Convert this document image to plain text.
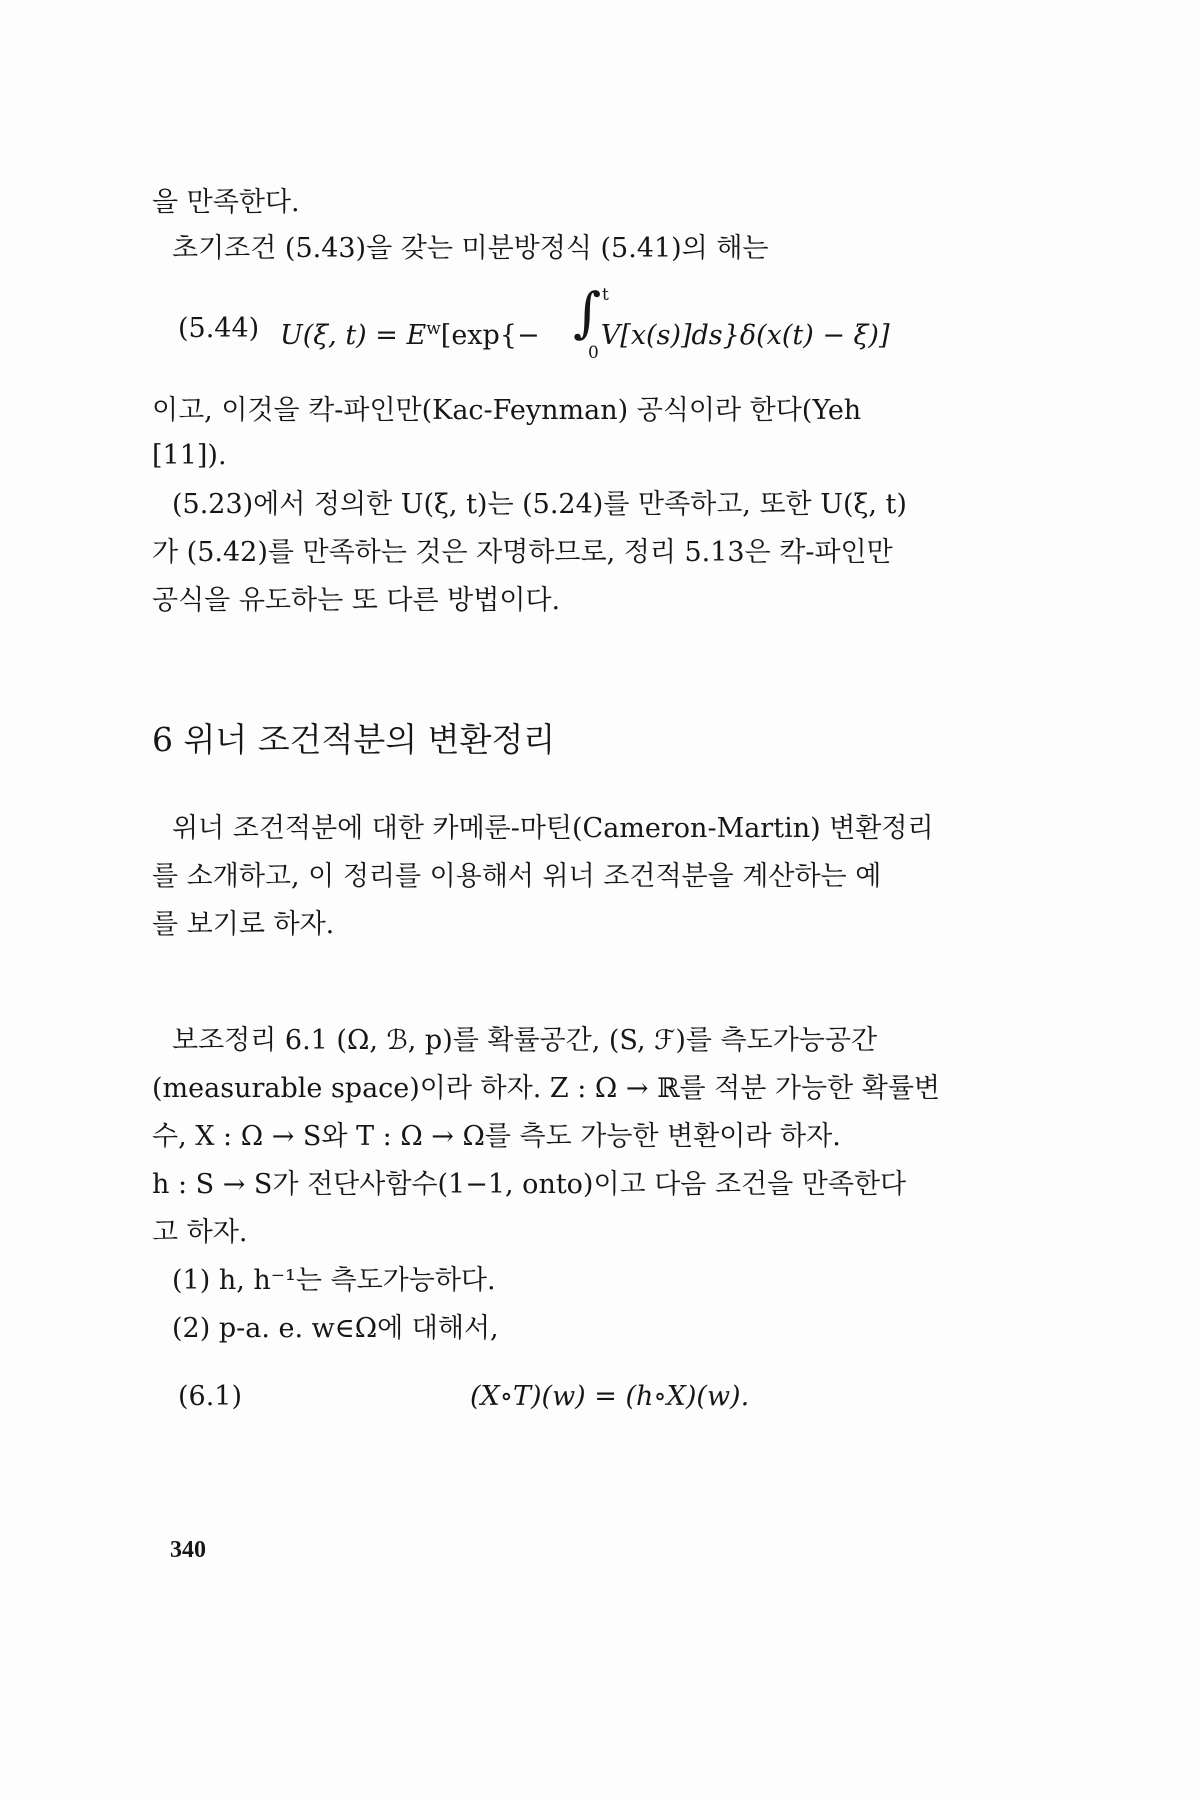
을 만족한다.
초기조건 (5.43)을 갖는 미분방정식 (5.41)의 해는
(5.44) U(ξ, $t) = E^w[\exp\{- V[x(s)]ds\}\delta(x(t) - \xi)]$
∫ t
0
이고, 이것을 칵-파인만(Kac-Feynman) 공식이라 한다(Yeh
[11]).
(5.23)에서 정의한 U(ξ, t)는 (5.24)를 만족하고, 또한 U(ξ, t)
가 (5.42)를 만족하는 것은 자명하므로, 정리 5.13은 칵-파인만
공식을 유도하는 또 다른 방법이다.
6 위너 조건적분의 변환정리
위너 조건적분에 대한 카메룬-마틴(Cameron-Martin) 변환정리
를 소개하고, 이 정리를 이용해서 위너 조건적분을 계산하는 예
를 보기로 하자.
보조정리 6.1 (Ω, ℬ, p)를 확률공간, (S, ℱ)를 측도가능공간
(measurable space)이라 하자. Z : Ω → ℝ를 적분 가능한 확률변
수, X : Ω → S와 T : Ω → Ω를 측도 가능한 변환이라 하자.
h : S → S가 전단사함수(1−1, onto)이고 다음 조건을 만족한다
고 하자.
(1) h, h⁻¹는 측도가능하다.
(2) p-a. e. w∈Ω에 대해서,
(6.1)	(X∘T)(w) = (h∘X)(w).
340
